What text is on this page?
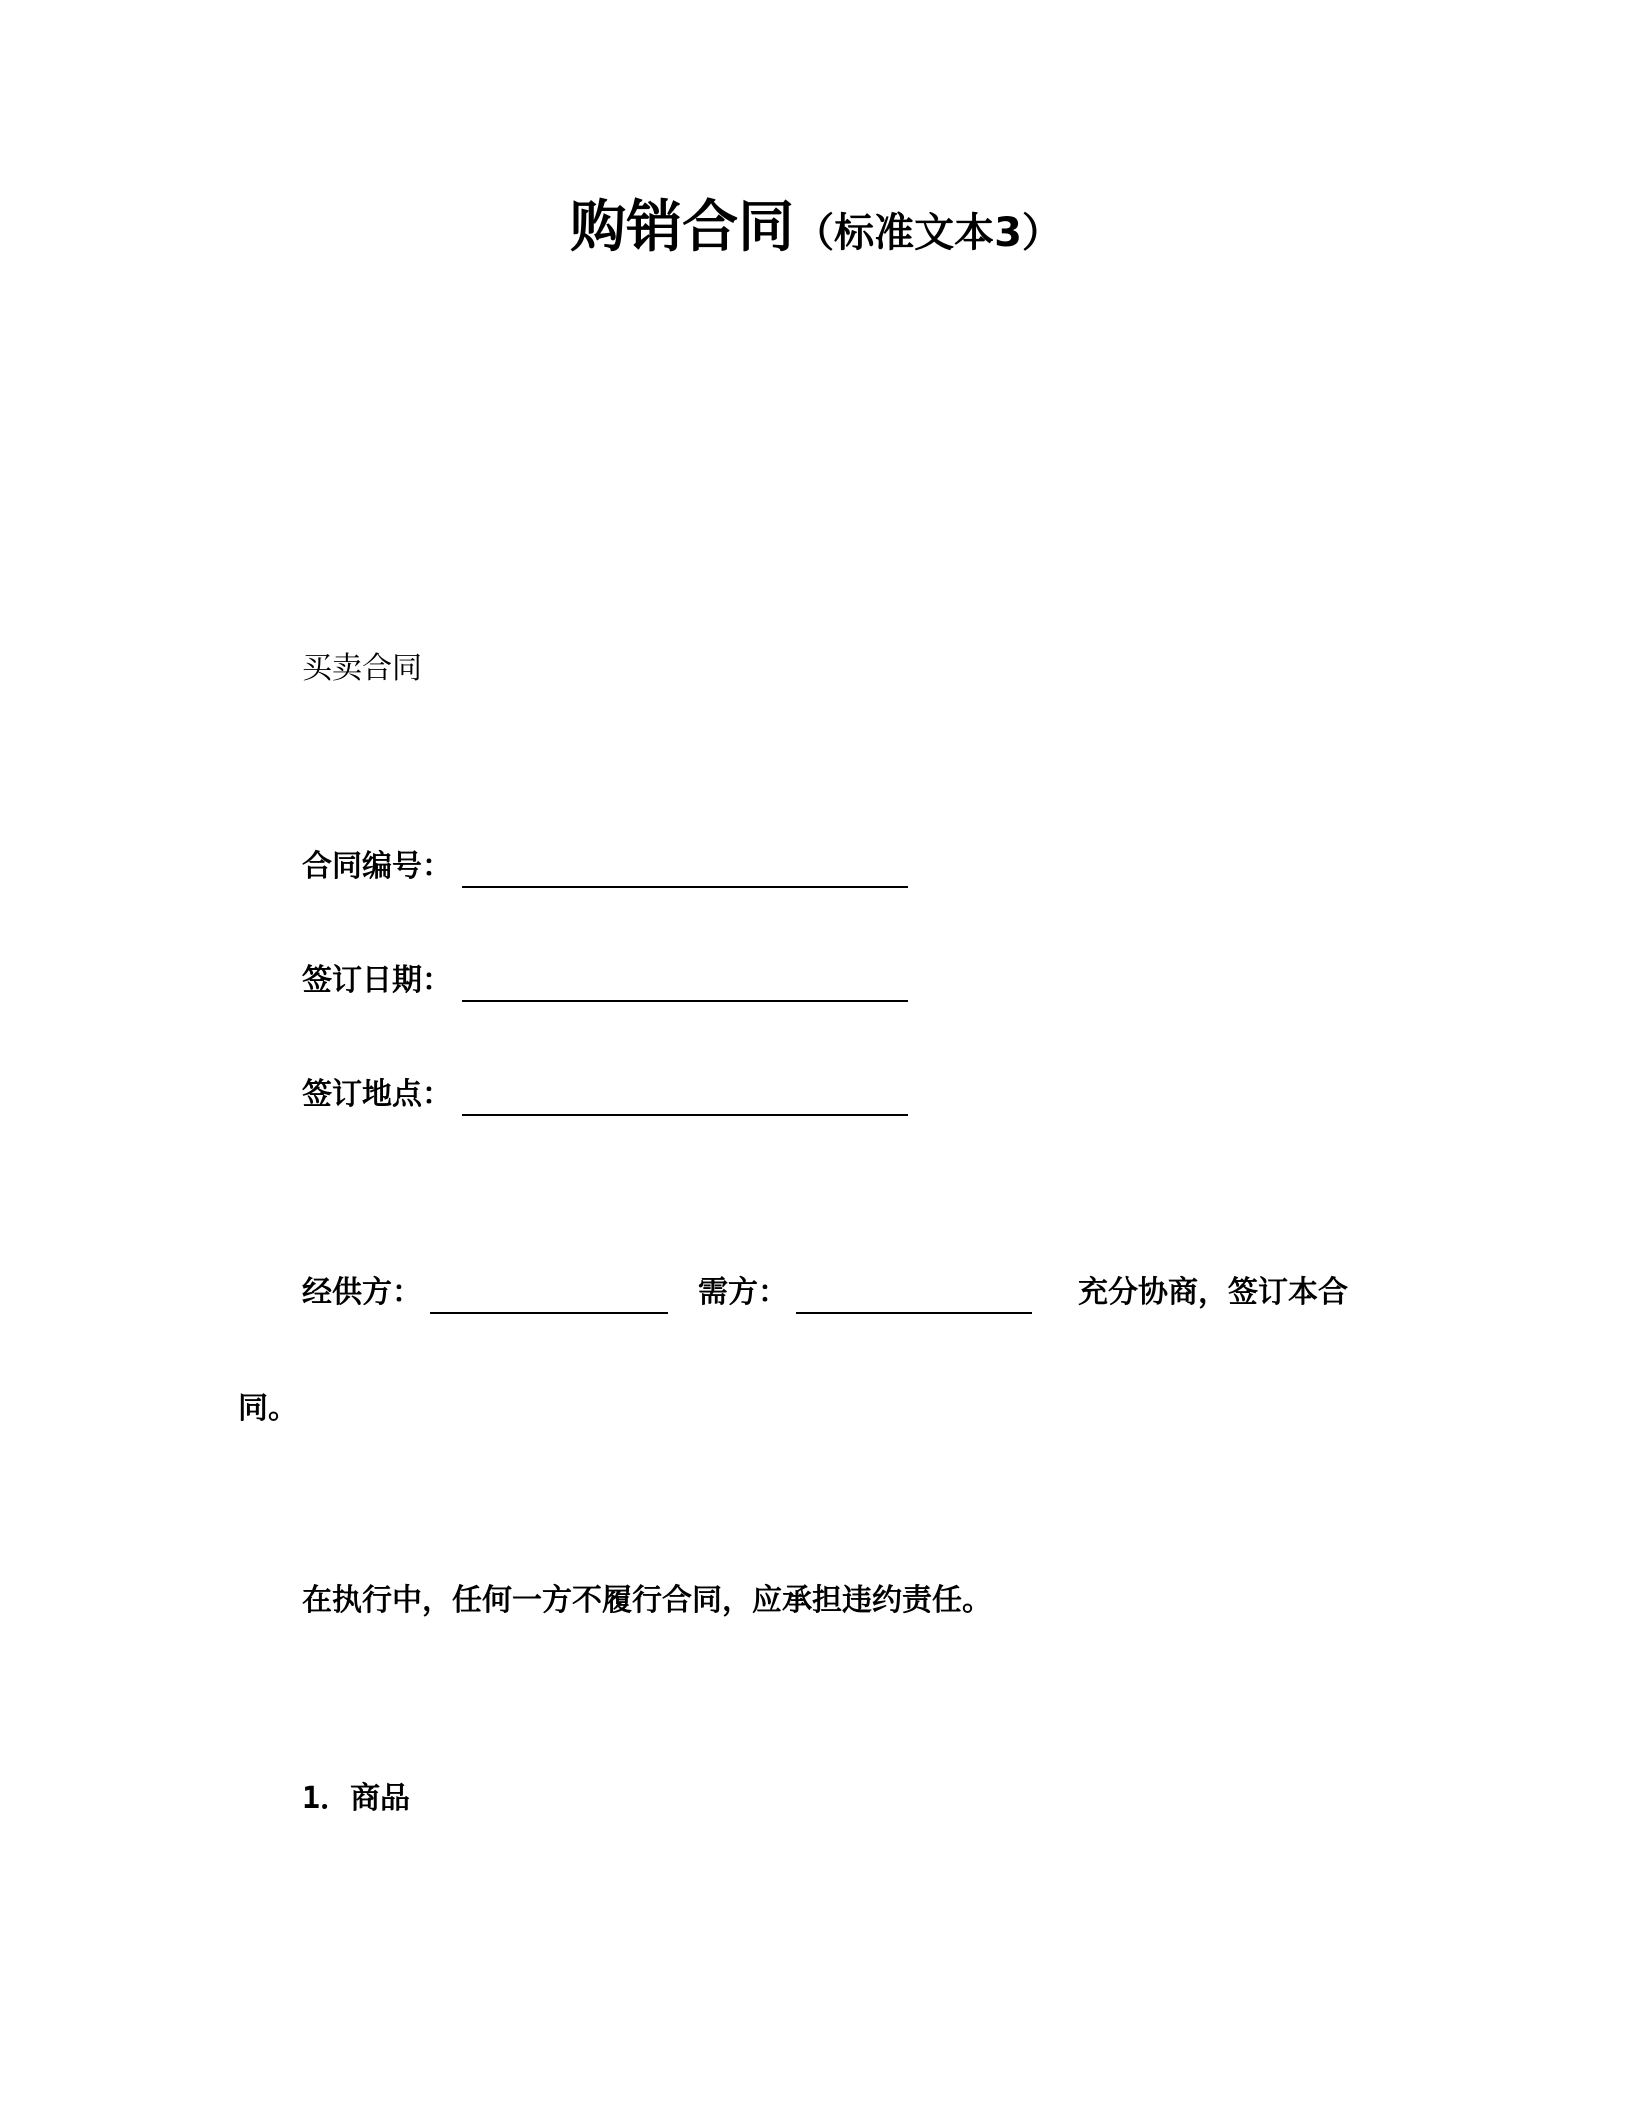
购销合同（标准文本3）
买卖合同
合同编号：
签订日期：
签订地点：
经供方：	需方：	充分协商，签订本合
同。
在执行中，任何一方不履行合同，应承担违约责任。
1．商品
